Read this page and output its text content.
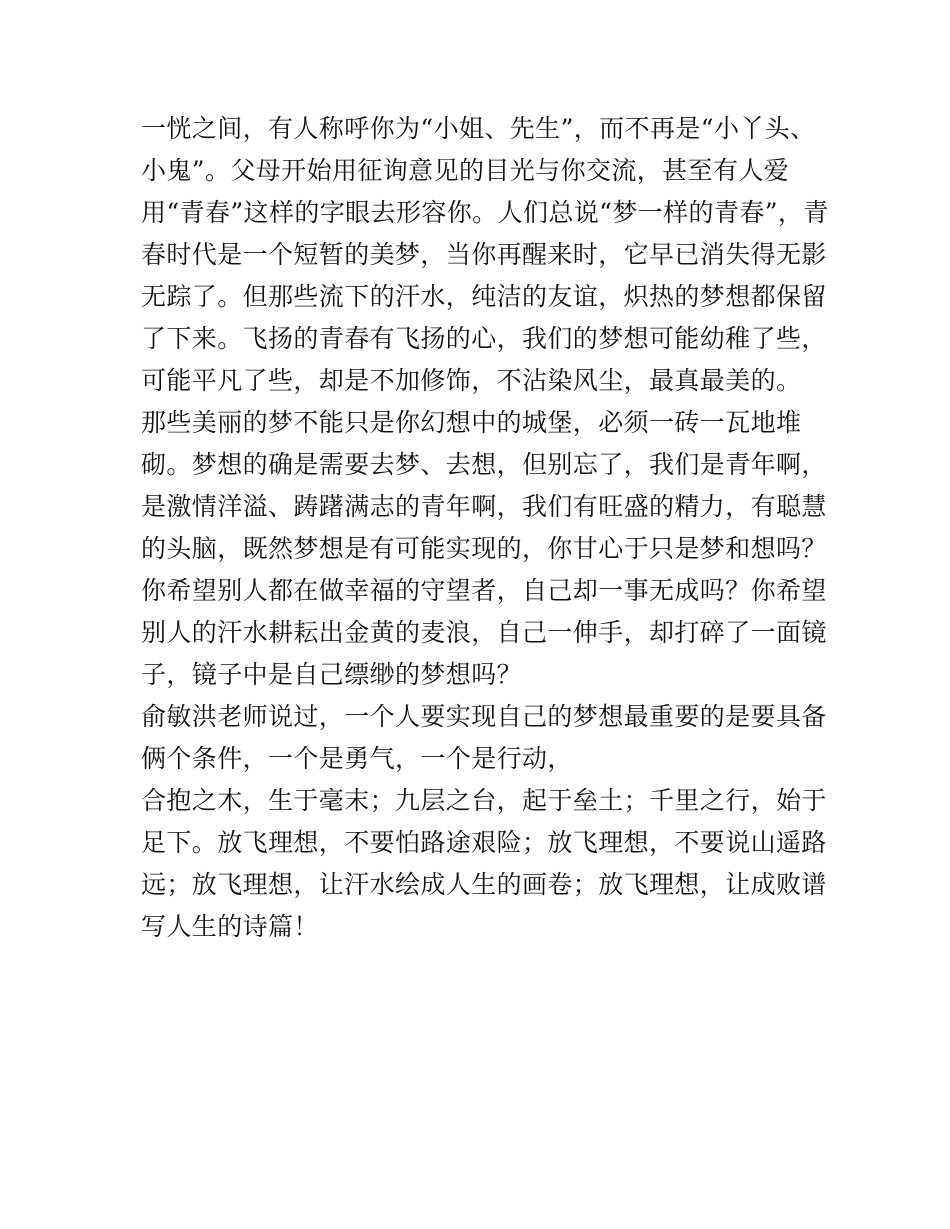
一恍之间，有人称呼你为“小姐、先生”，而不再是“小丫头、
小鬼”。父母开始用征询意见的目光与你交流，甚至有人爱
用“青春”这样的字眼去形容你。人们总说“梦一样的青春”，青
春时代是一个短暂的美梦，当你再醒来时，它早已消失得无影
无踪了。但那些流下的汗水，纯洁的友谊，炽热的梦想都保留
了下来。飞扬的青春有飞扬的心，我们的梦想可能幼稚了些，
可能平凡了些，却是不加修饰，不沾染风尘，最真最美的。
那些美丽的梦不能只是你幻想中的城堡，必须一砖一瓦地堆
砌。梦想的确是需要去梦、去想，但别忘了，我们是青年啊，
是激情洋溢、踌躇满志的青年啊，我们有旺盛的精力，有聪慧
的头脑，既然梦想是有可能实现的，你甘心于只是梦和想吗？
你希望别人都在做幸福的守望者，自己却一事无成吗？你希望
别人的汗水耕耘出金黄的麦浪，自己一伸手，却打碎了一面镜
子，镜子中是自己缥缈的梦想吗？
俞敏洪老师说过，一个人要实现自己的梦想最重要的是要具备
俩个条件，一个是勇气，一个是行动，
合抱之木，生于毫末；九层之台，起于垒土；千里之行，始于
足下。放飞理想，不要怕路途艰险；放飞理想，不要说山遥路
远；放飞理想，让汗水绘成人生的画卷；放飞理想，让成败谱
写人生的诗篇！
